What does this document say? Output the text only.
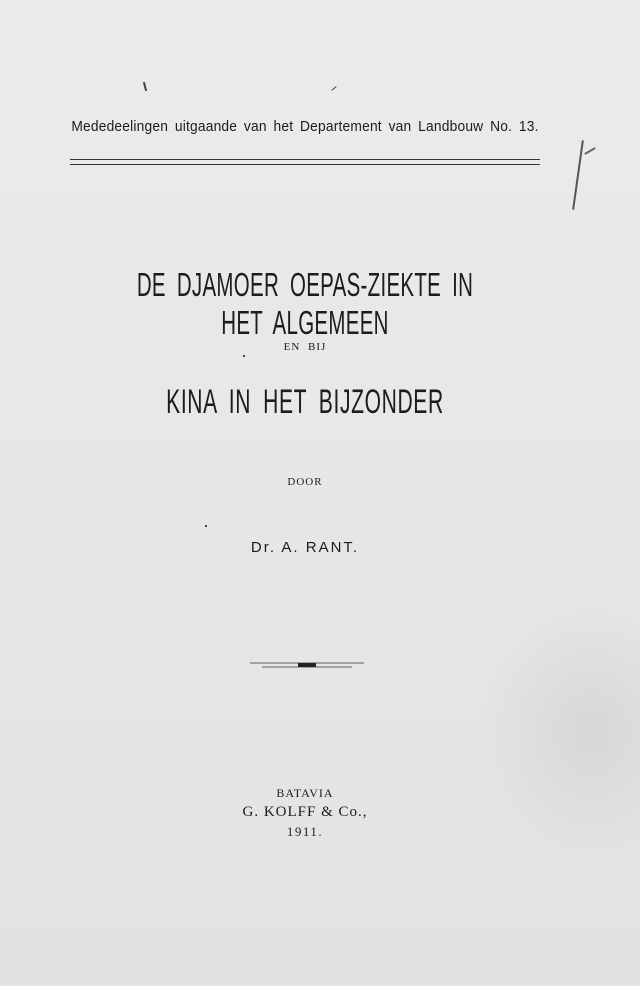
Mededeelingen uitgaande van het Departement van Landbouw No. 13.
DE DJAMOER OEPAS-ZIEKTE IN HET ALGEMEEN
EN BIJ
KINA IN HET BIJZONDER
DOOR
Dr. A. RANT.
BATAVIA
G. KOLFF & Co.,
1911.
